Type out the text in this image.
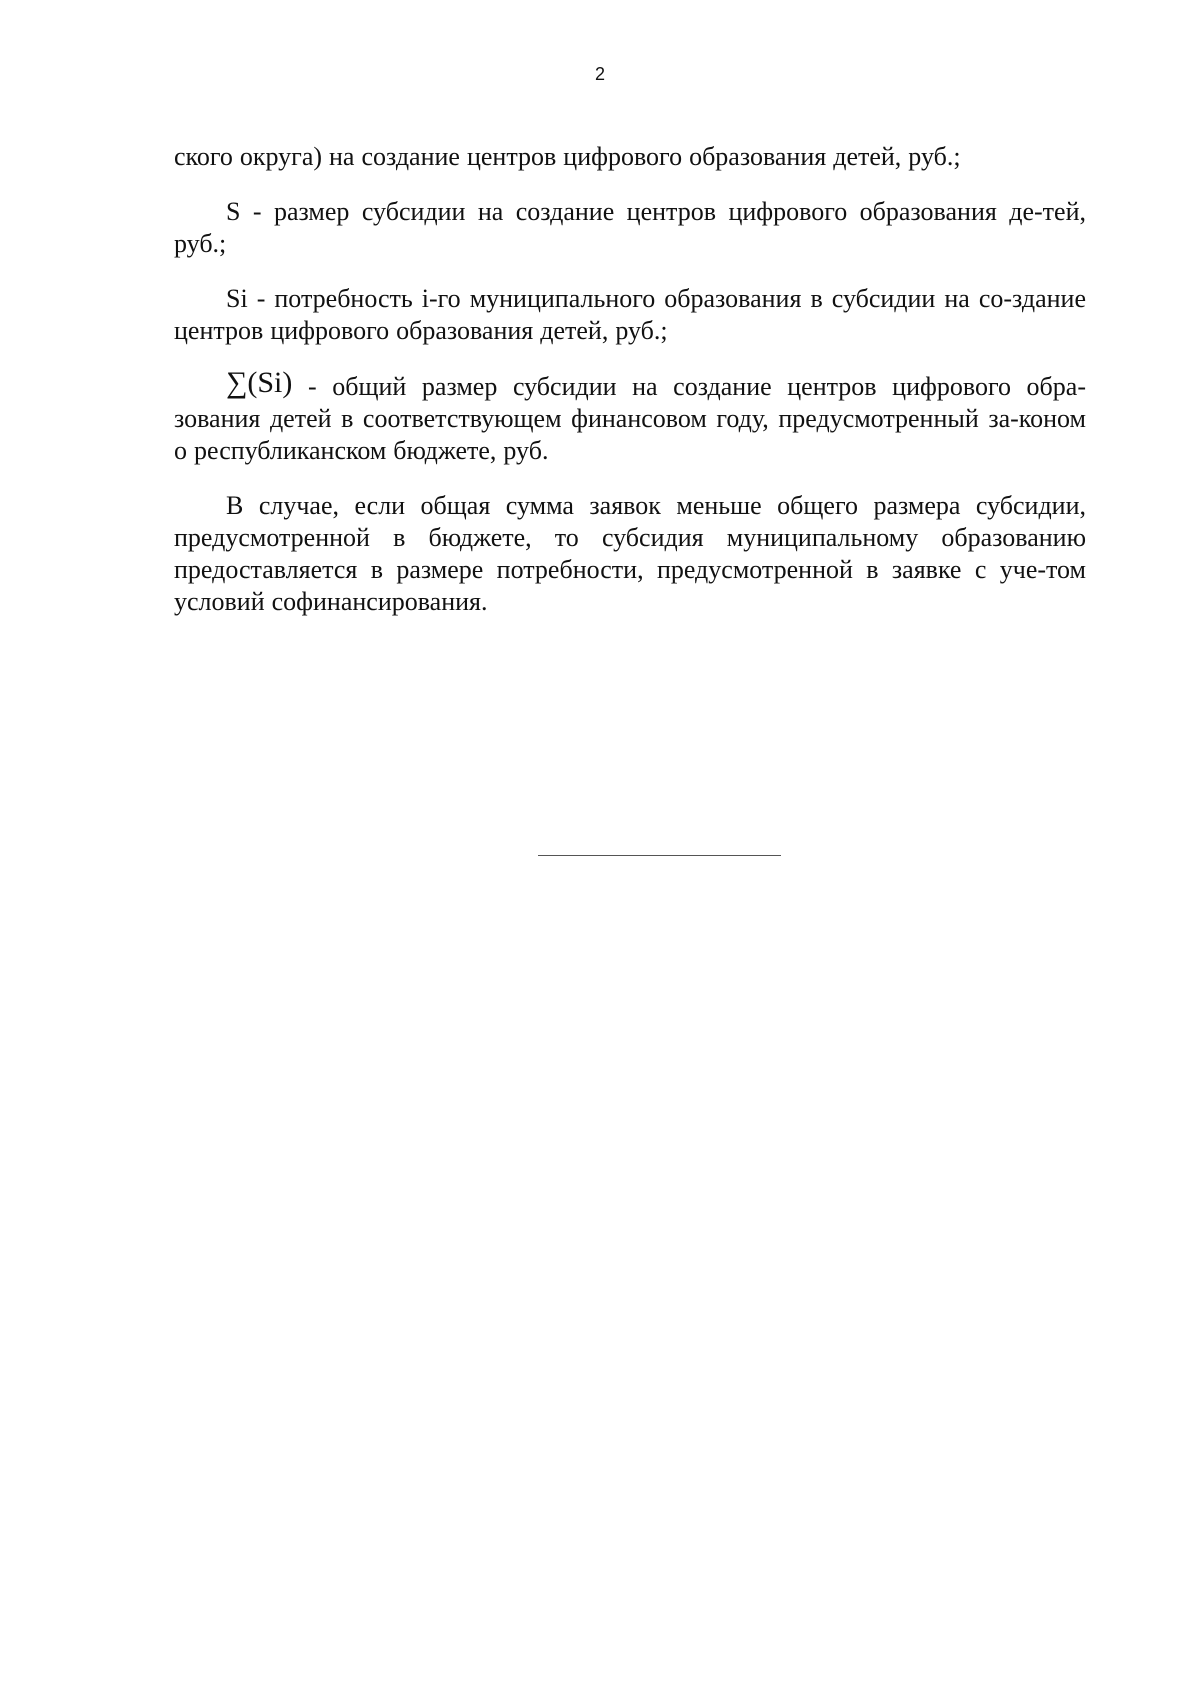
2

ского округа) на создание центров цифрового образования детей, руб.;

S - размер субсидии на создание центров цифрового образования де-тей, руб.;

Si - потребность i-го муниципального образования в субсидии на со-здание центров цифрового образования детей, руб.;

∑(Si) - общий размер субсидии на создание центров цифрового обра-зования детей в соответствующем финансовом году, предусмотренный за-коном о республиканском бюджете, руб.

В случае, если общая сумма заявок меньше общего размера субсидии, предусмотренной в бюджете, то субсидия муниципальному образованию предоставляется в размере потребности, предусмотренной в заявке с уче-том условий софинансирования.
